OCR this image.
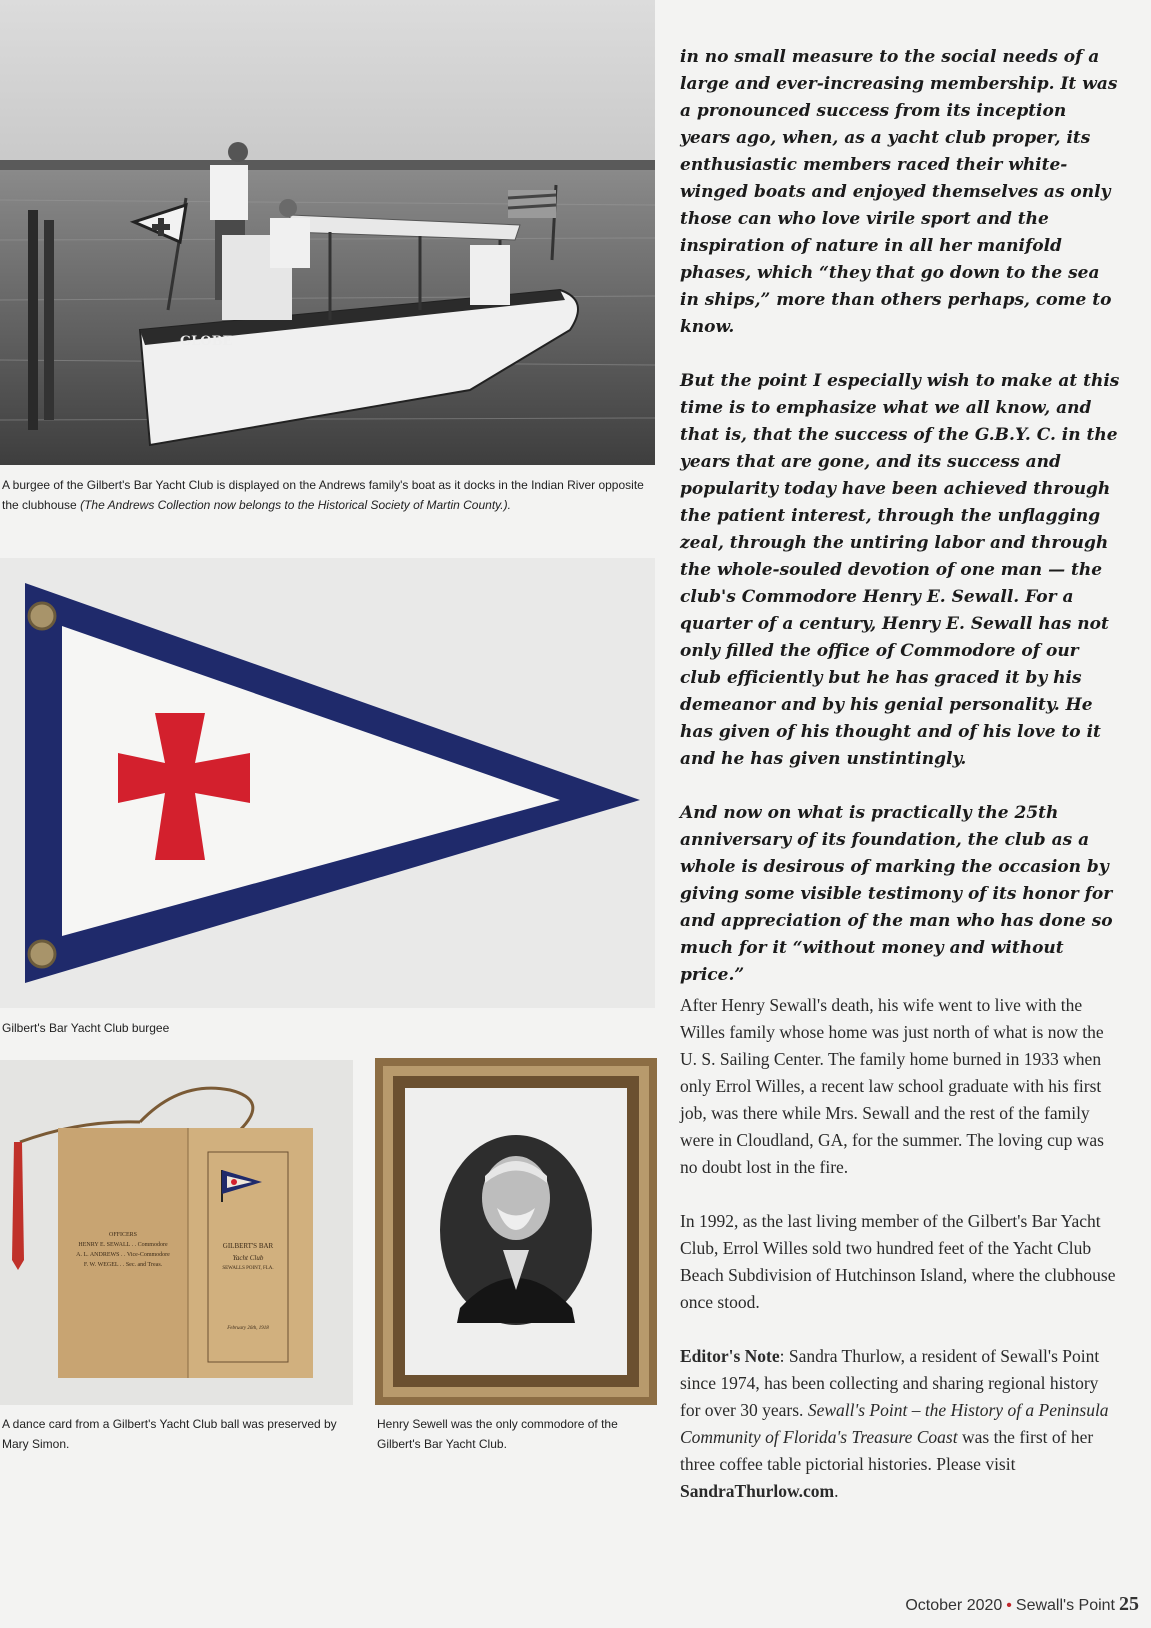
GLOBE
A burgee of the Gilbert's Bar Yacht Club is displayed on the Andrews family's boat as it docks in the Indian River opposite the clubhouse (The Andrews Collection now belongs to the Historical Society of Martin County.).
Gilbert's Bar Yacht Club burgee
OFFICERS
HENRY E. SEWALL . . Commodore
A. L. ANDREWS . . Vice-Commodore
F. W. WEGEL . . Sec. and Treas.
GILBERT'S BAR
Yacht Club
SEWALLS POINT, FLA.
February 26th, 1918
A dance card from a Gilbert's Yacht Club ball was preserved by Mary Simon.
Henry Sewell was the only commodore of the Gilbert's Bar Yacht Club.

in no small measure to the social needs of a large and ever-increasing membership. It was a pronounced success from its inception years ago, when, as a yacht club proper, its enthusiastic members raced their white-winged boats and enjoyed themselves as only those can who love virile sport and the inspiration of nature in all her manifold phases, which “they that go down to the sea in ships,” more than others perhaps, come to know.

But the point I especially wish to make at this time is to emphasize what we all know, and that is, that the success of the G.B.Y. C. in the years that are gone, and its success and popularity today have been achieved through the patient interest, through the unflagging zeal, through the untiring labor and through the whole-souled devotion of one man — the club's Commodore Henry E. Sewall. For a quarter of a century, Henry E. Sewall has not only filled the office of Commodore of our club efficiently but he has graced it by his demeanor and by his genial personality. He has given of his thought and of his love to it and he has given unstintingly.

And now on what is practically the 25th anniversary of its foundation, the club as a whole is desirous of marking the occasion by giving some visible testimony of its honor for and appreciation of the man who has done so much for it “without money and without price.”

After Henry Sewall's death, his wife went to live with the Willes family whose home was just north of what is now the U. S. Sailing Center. The family home burned in 1933 when only Errol Willes, a recent law school graduate with his first job, was there while Mrs. Sewall and the rest of the family were in Cloudland, GA, for the summer. The loving cup was no doubt lost in the fire.

In 1992, as the last living member of the Gilbert's Bar Yacht Club, Errol Willes sold two hundred feet of the Yacht Club Beach Subdivision of Hutchinson Island, where the clubhouse once stood.

Editor's Note: Sandra Thurlow, a resident of Sewall's Point since 1974, has been collecting and sharing regional history for over 30 years. Sewall's Point – the History of a Peninsula Community of Florida's Treasure Coast was the first of her three coffee table pictorial histories. Please visit SandraThurlow.com.

October 2020 • Sewall's Point 25
